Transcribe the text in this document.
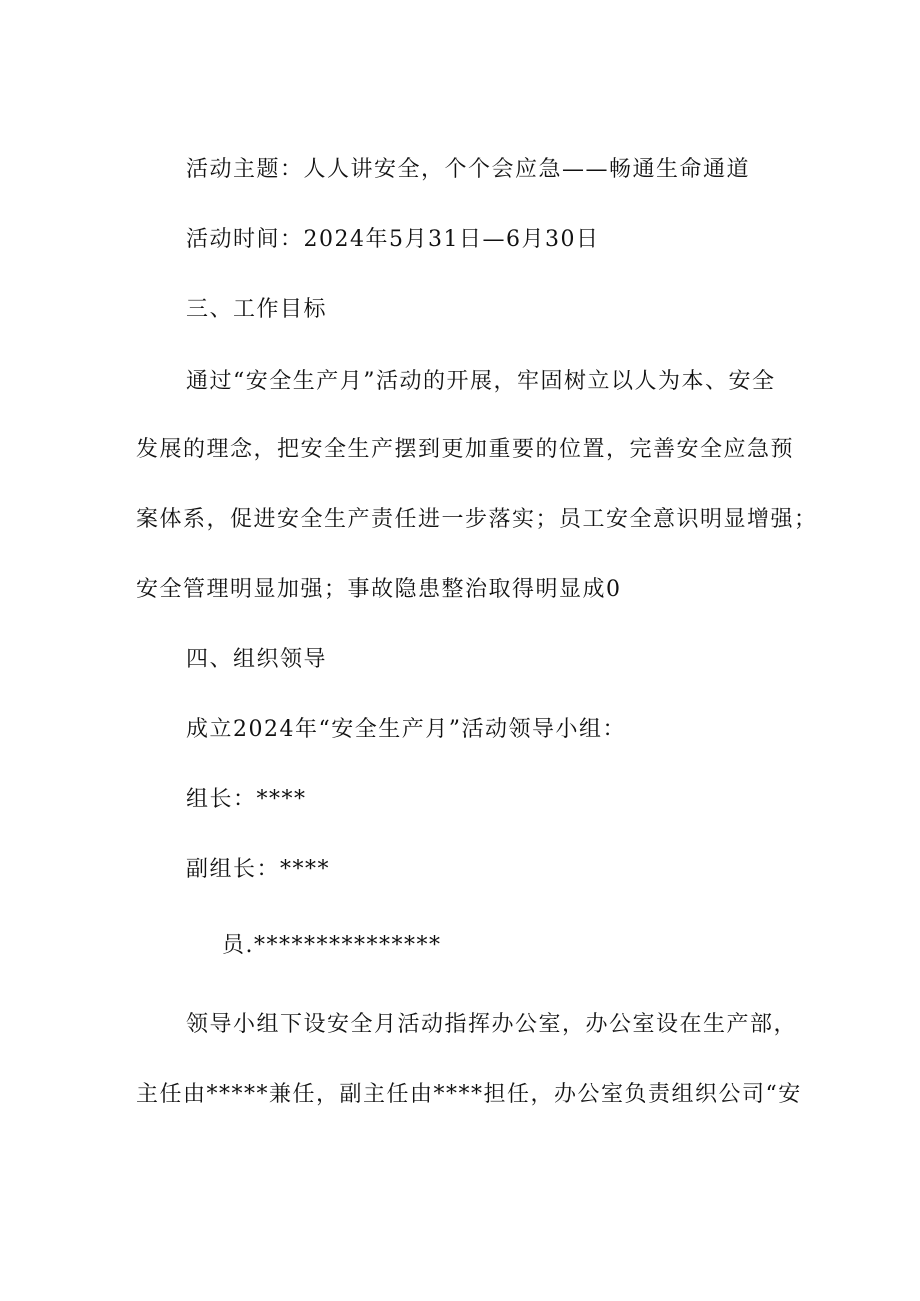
活动主题：人人讲安全，个个会应急——畅通生命通道

活动时间：2024年5月31日—6月30日

三、工作目标

通过“安全生产月”活动的开展，牢固树立以人为本、安全

发展的理念，把安全生产摆到更加重要的位置，完善安全应急预

案体系，促进安全生产责任进一步落实；员工安全意识明显增强；

安全管理明显加强；事故隐患整治取得明显成0

四、组织领导

成立2024年“安全生产月”活动领导小组：

组长：****

副组长：****

员.***************

领导小组下设安全月活动指挥办公室，办公室设在生产部，

主任由*****兼任，副主任由****担任，办公室负责组织公司“安
